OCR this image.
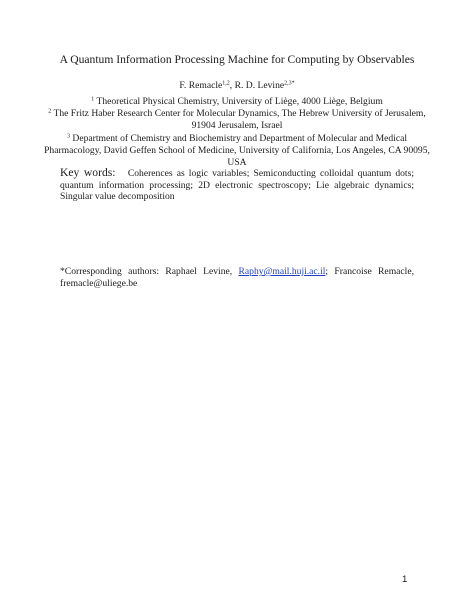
A Quantum Information Processing Machine for Computing by Observables
F. Remacle$^{1,2}$, R. D. Levine$^{2,3*}$

$^1$ Theoretical Physical Chemistry, University of Liège, 4000 Liège, Belgium

$^2$ The Fritz Haber Research Center for Molecular Dynamics, The Hebrew University of Jerusalem, 91904 Jerusalem, Israel

$^3$ Department of Chemistry and Biochemistry and Department of Molecular and Medical Pharmacology, David Geffen School of Medicine, University of California, Los Angeles, CA 90095, USA

Key words: Coherences as logic variables; Semiconducting colloidal quantum dots; quantum information processing; 2D electronic spectroscopy; Lie algebraic dynamics; Singular value decomposition
*Corresponding authors: Raphael Levine, Raphy@mail.huji.ac.il; Francoise Remacle, fremacle@uliege.be
1
